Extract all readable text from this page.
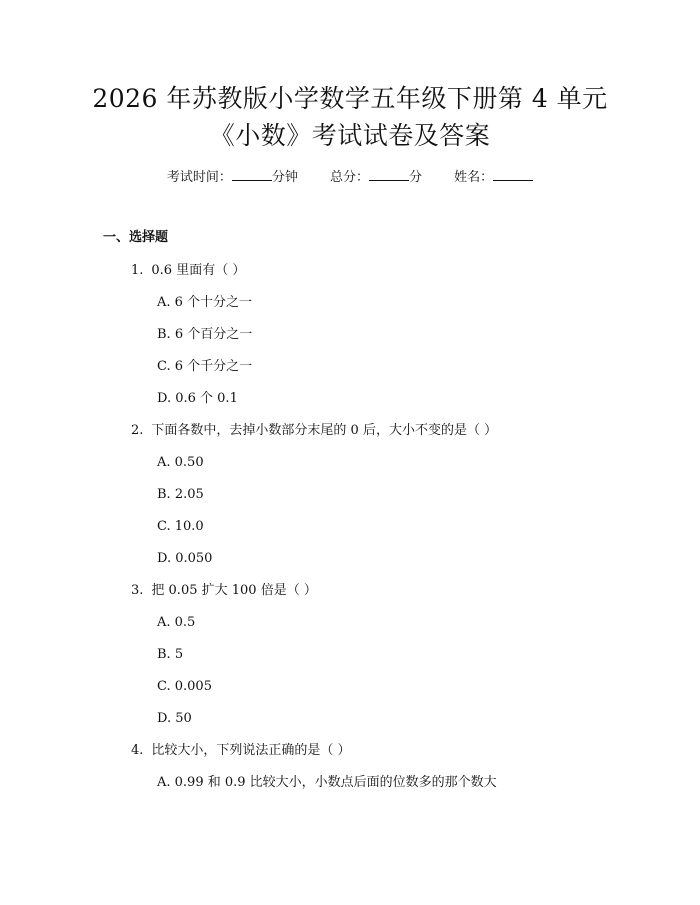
2026 年苏教版小学数学五年级下册第 4 单元
《小数》考试试卷及答案
考试时间：	分钟 总分：	分 姓名：
一、选择题
1. 0.6 里面有（ ）
A. 6 个十分之一
B. 6 个百分之一
C. 6 个千分之一
D. 0.6 个 0.1
2. 下面各数中，去掉小数部分末尾的 0 后，大小不变的是（ ）
A. 0.50
B. 2.05
C. 10.0
D. 0.050
3. 把 0.05 扩大 100 倍是（ ）
A. 0.5
B. 5
C. 0.005
D. 50
4. 比较大小，下列说法正确的是（ ）
A. 0.99 和 0.9 比较大小，小数点后面的位数多的那个数大
